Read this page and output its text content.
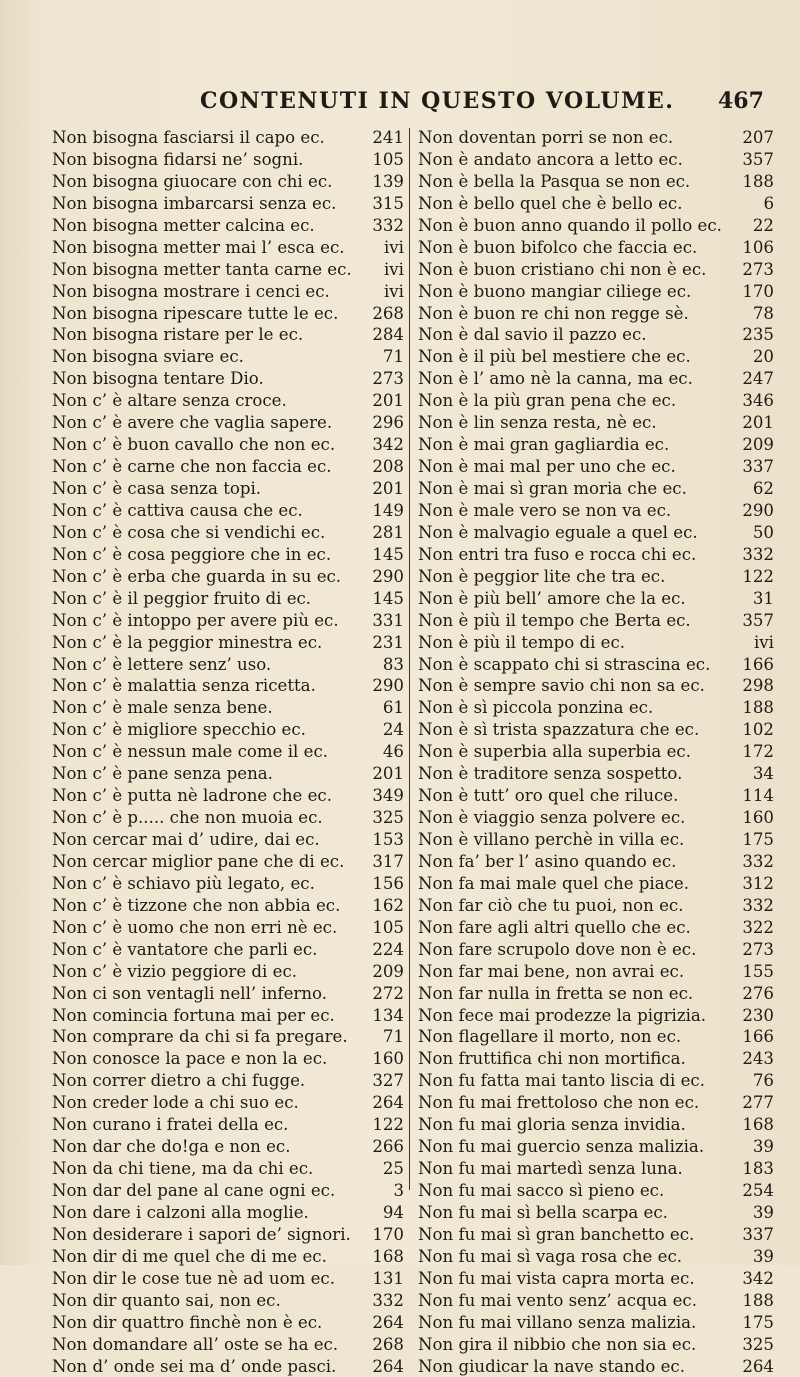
CONTENUTI IN QUESTO VOLUME. 467
Non bisogna fasciarsi il capo ec.	241
Non bisogna fidarsi ne’ sogni.	105
Non bisogna giuocare con chi ec. 139
Non bisogna imbarcarsi senza ec. 315
Non bisogna metter calcina ec.	332
Non bisogna metter mai l’ esca ec. ivi
Non bisogna metter tanta carne ec. ivi
Non bisogna mostrare i cenci ec.	ivi
Non bisogna ripescare tutte le ec. 268
Non bisogna ristare per le ec.	284
Non bisogna sviare ec.	71
Non bisogna tentare Dio.	273
Non c’ è altare senza croce.	201
Non c’ è avere che vaglia sapere. 296
Non c’ è buon cavallo che non ec. 342
Non c’ è carne che non faccia ec. 208
Non c’ è casa senza topi.	201
Non c’ è cattiva causa che ec.	149
Non c’ è cosa che si vendichi ec.	281
Non c’ è cosa peggiore che in ec. 145
Non c’ è erba che guarda in su ec. 290
Non c’ è il peggior fruito di ec.	145
Non c’ è intoppo per avere più ec. 331
Non c’ è la peggior minestra ec.	231
Non c’ è lettere senz’ uso.	83
Non c’ è malattia senza ricetta.	290
Non c’ è male senza bene.	61
Non c’ è migliore specchio ec.	24
Non c’ è nessun male come il ec.	46
Non c’ è pane senza pena.	201
Non c’ è putta nè ladrone che ec. 349
Non c’ è p..... che non muoia ec.	325
Non cercar mai d’ udire, dai ec.	153
Non cercar miglior pane che di ec. 317
Non c’ è schiavo più legato, ec.	156
Non c’ è tizzone che non abbia ec. 162
Non c’ è uomo che non erri nè ec. 105
Non c’ è vantatore che parli ec.	224
Non c’ è vizio peggiore di ec.	209
Non ci son ventagli nell’ inferno.	272
Non comincia fortuna mai per ec. 134
Non comprare da chi si fa pregare. 71
Non conosce la pace e non la ec.	160
Non correr dietro a chi fugge.	327
Non creder lode a chi suo ec.	264
Non curano i fratei della ec.	122
Non dar che do!ga e non ec.	266
Non da chi tiene, ma da chi ec.	25
Non dar del pane al cane ogni ec.	3
Non dare i calzoni alla moglie.	94
Non desiderare i sapori de’ signori. 170
Non dir di me quel che di me ec.	168
Non dir le cose tue nè ad uom ec. 131
Non dir quanto sai, non ec.	332
Non dir quattro finchè non è ec.	264
Non domandare all’ oste se ha ec. 268
Non d’ onde sei ma d’ onde pasci. 264
Non doventan porri se non ec.	207
Non è andato ancora a letto ec.	357
Non è bella la Pasqua se non ec.	188
Non è bello quel che è bello ec.	6
Non è buon anno quando il pollo ec. 22
Non è buon bifolco che faccia ec.	106
Non è buon cristiano chi non è ec. 273
Non è buono mangiar ciliege ec.	170
Non è buon re chi non regge sè.	78
Non è dal savio il pazzo ec.	235
Non è il più bel mestiere che ec.	20
Non è l’ amo nè la canna, ma ec.	247
Non è la più gran pena che ec.	346
Non è lin senza resta, nè ec.	201
Non è mai gran gagliardia ec.	209
Non è mai mal per uno che ec.	337
Non è mai sì gran moria che ec.	62
Non è male vero se non va ec.	290
Non è malvagio eguale a quel ec.	50
Non entri tra fuso e rocca chi ec.	332
Non è peggior lite che tra ec.	122
Non è più bell’ amore che la ec.	31
Non è più il tempo che Berta ec.	357
Non è più il tempo di ec.	ivi
Non è scappato chi si strascina ec. 166
Non è sempre savio chi non sa ec. 298
Non è sì piccola ponzina ec.	188
Non è sì trista spazzatura che ec.	102
Non è superbia alla superbia ec.	172
Non è traditore senza sospetto.	34
Non è tutt’ oro quel che riluce.	114
Non è viaggio senza polvere ec.	160
Non è villano perchè in villa ec.	175
Non fa’ ber l’ asino quando ec.	332
Non fa mai male quel che piace.	312
Non far ciò che tu puoi, non ec.	332
Non fare agli altri quello che ec.	322
Non fare scrupolo dove non è ec.	273
Non far mai bene, non avrai ec.	155
Non far nulla in fretta se non ec.	276
Non fece mai prodezze la pigrizia. 230
Non flagellare il morto, non ec.	166
Non fruttifica chi non mortifica.	243
Non fu fatta mai tanto liscia di ec.	76
Non fu mai frettoloso che non ec.	277
Non fu mai gloria senza invidia.	168
Non fu mai guercio senza malizia.	39
Non fu mai martedì senza luna.	183
Non fu mai sacco sì pieno ec.	254
Non fu mai sì bella scarpa ec.	39
Non fu mai sì gran banchetto ec.	337
Non fu mai sì vaga rosa che ec.	39
Non fu mai vista capra morta ec.	342
Non fu mai vento senz’ acqua ec.	188
Non fu mai villano senza malizia.	175
Non gira il nibbio che non sia ec.	325
Non giudicar la nave stando ec.	264
